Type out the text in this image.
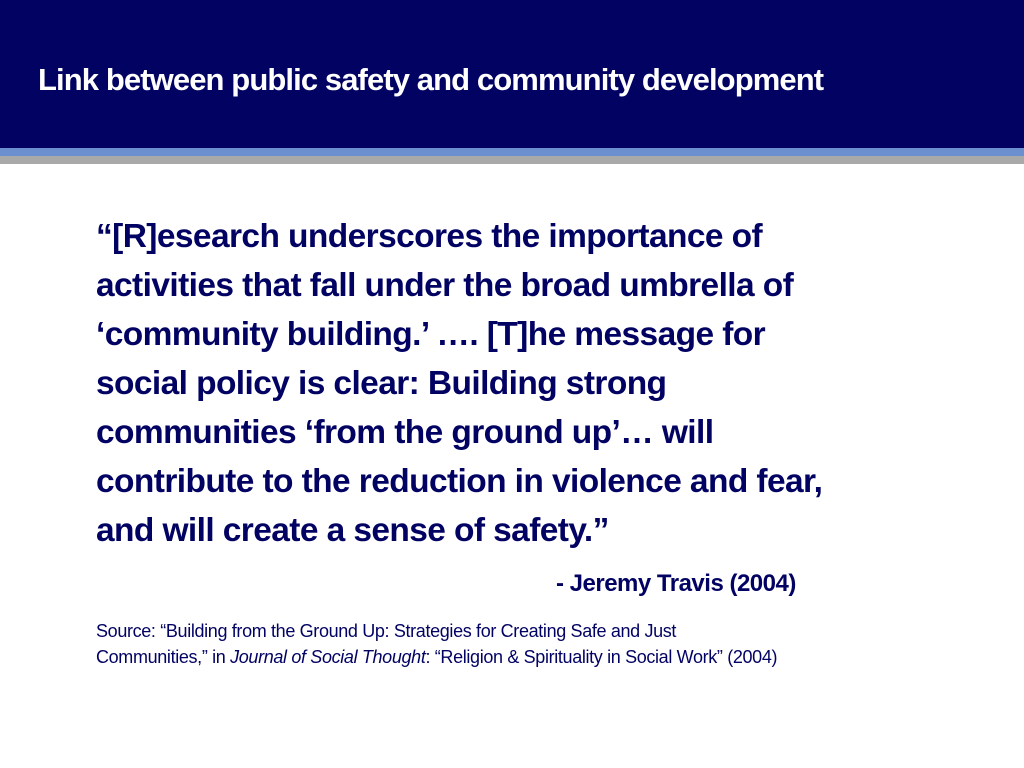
Link between public safety and community development

“[R]esearch underscores the importance of
activities that fall under the broad umbrella of
‘community building.’ …. [T]he message for
social policy is clear: Building strong
communities ‘from the ground up’… will
contribute to the reduction in violence and fear,
and will create a sense of safety.”

- Jeremy Travis (2004)

Source: “Building from the Ground Up: Strategies for Creating Safe and Just
Communities,” in Journal of Social Thought: “Religion & Spirituality in Social Work” (2004)
